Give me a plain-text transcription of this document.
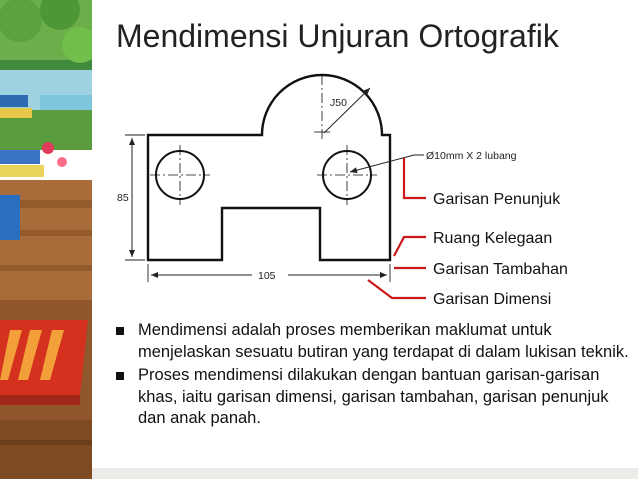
Mendimensi Unjuran Ortografik
J50
Ø10mm X 2 lubang
85
105
Garisan Penunjuk
Ruang Kelegaan
Garisan Tambahan
Garisan Dimensi
Mendimensi adalah proses memberikan maklumat untuk menjelaskan sesuatu butiran yang terdapat di dalam lukisan teknik.
Proses mendimensi dilakukan dengan bantuan garisan-garisan khas, iaitu garisan dimensi, garisan tambahan, garisan penunjuk dan anak panah.
